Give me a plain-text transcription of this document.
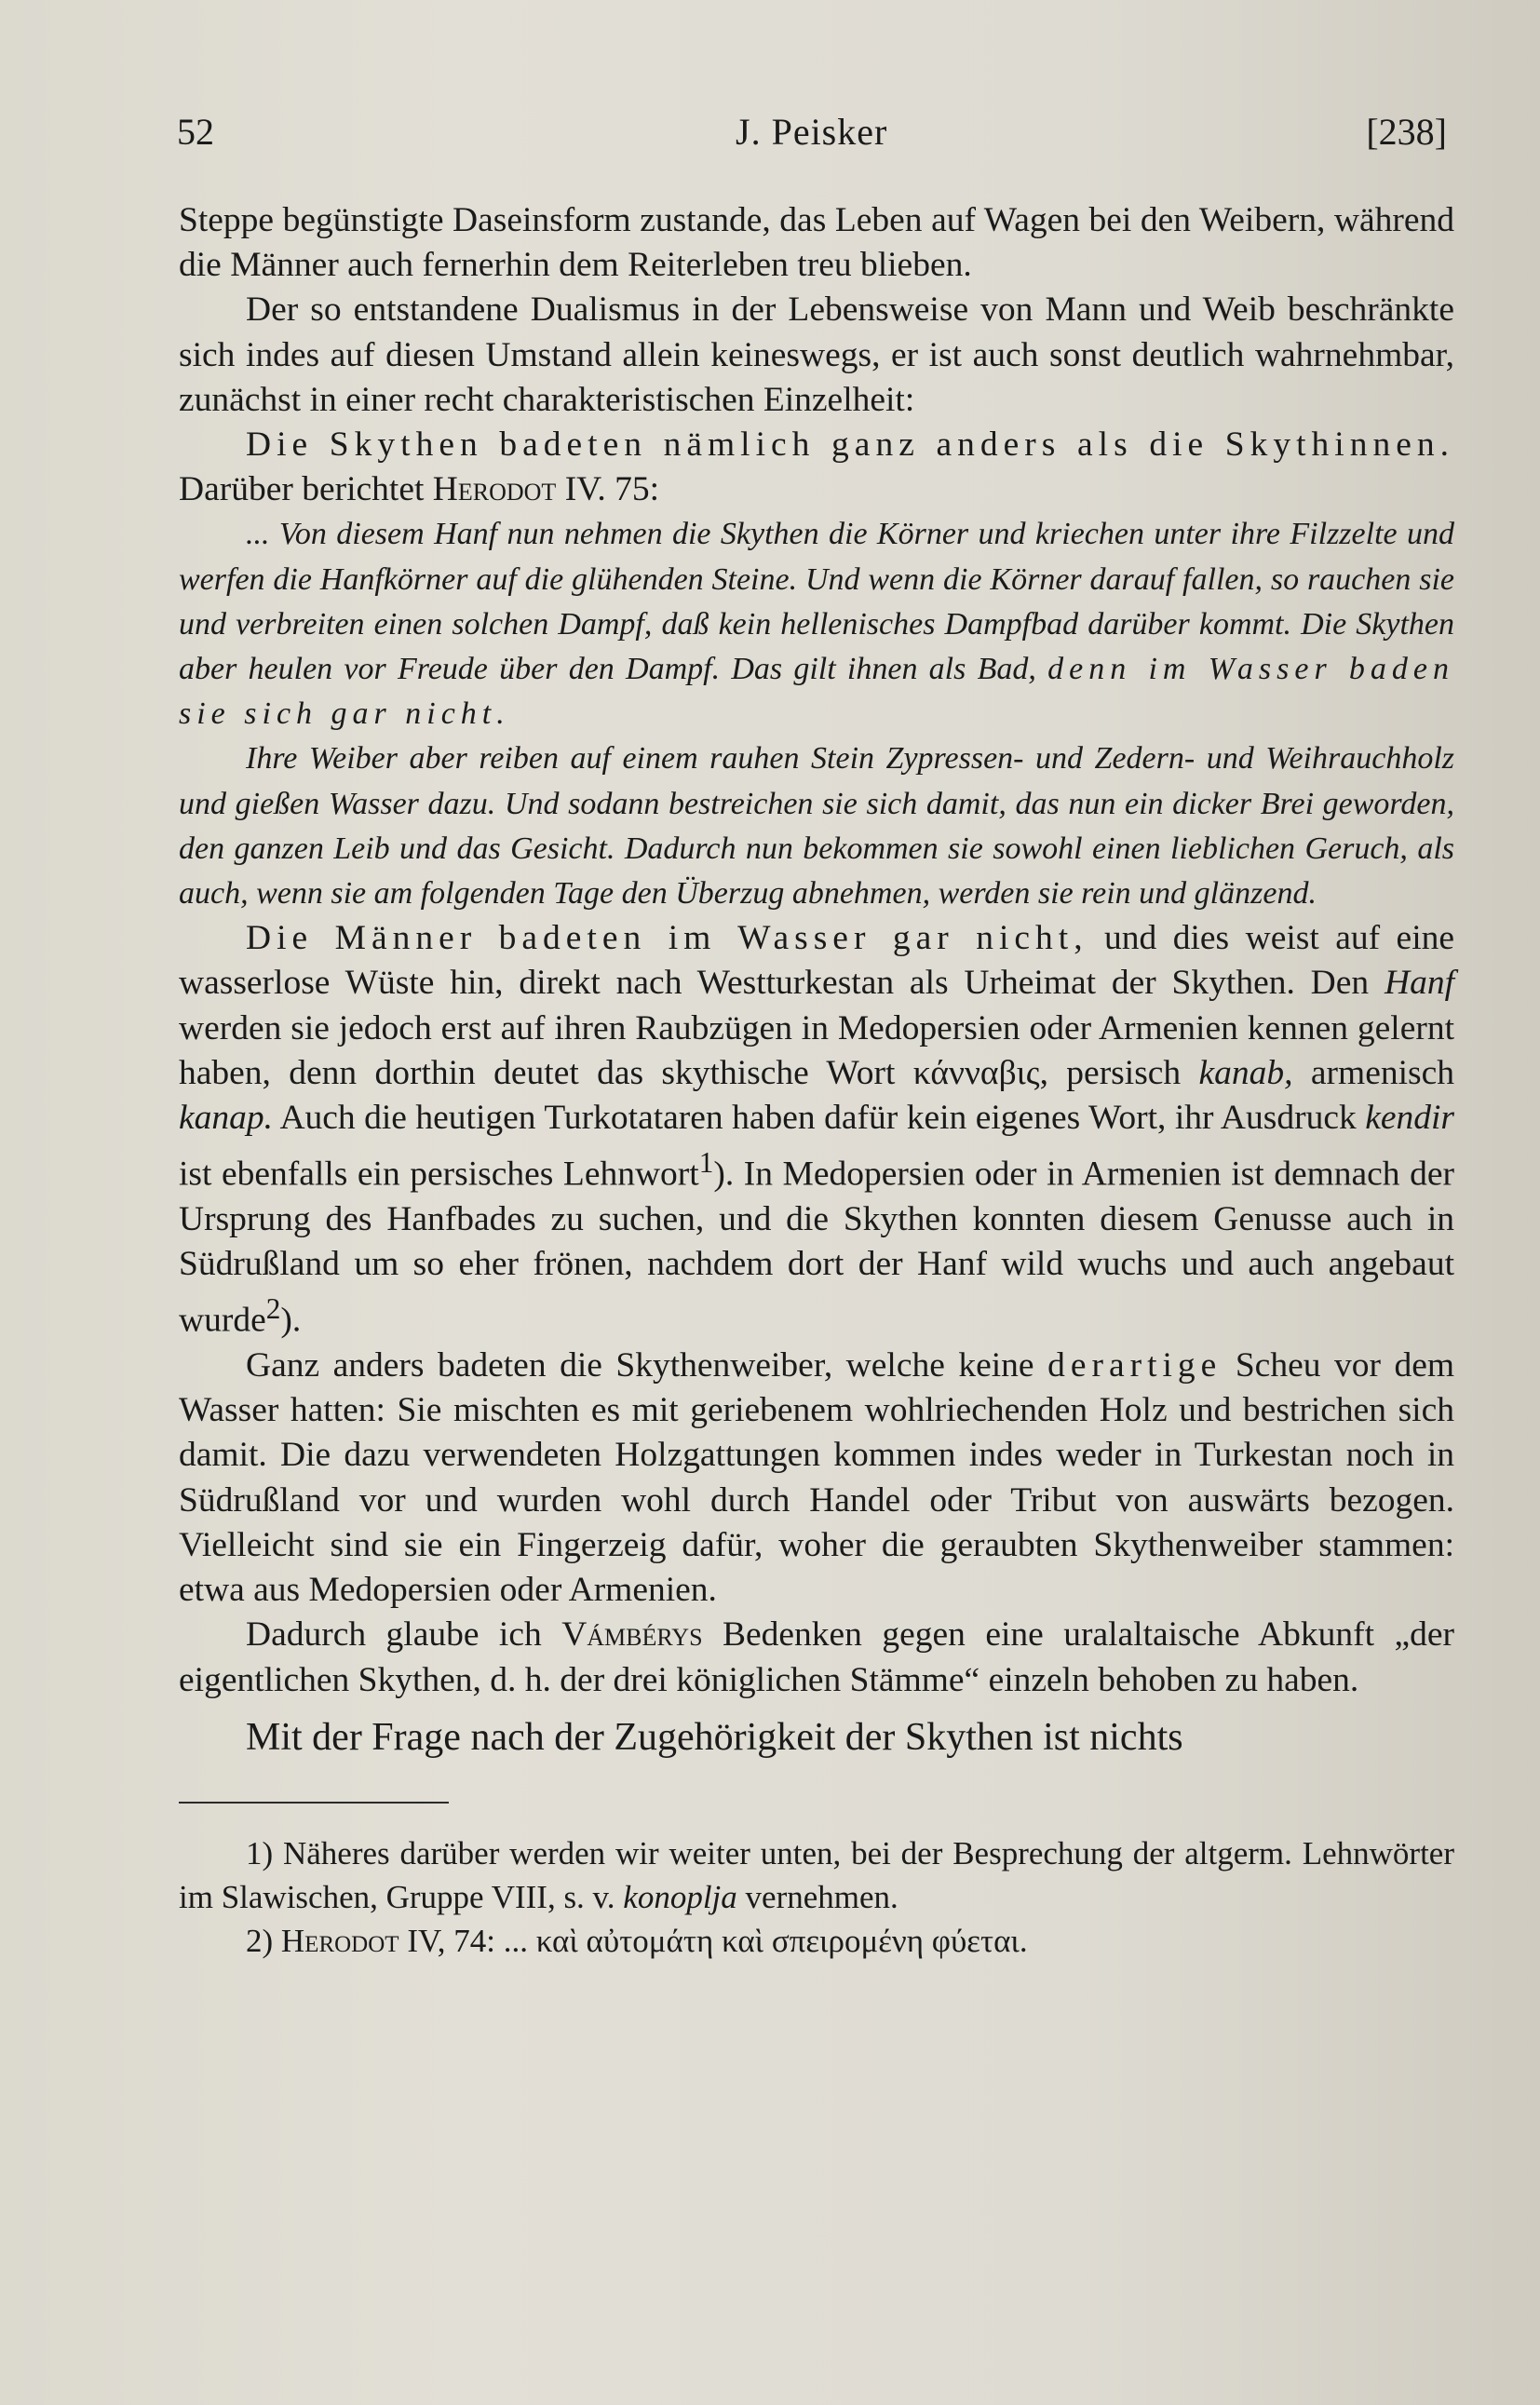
52	J. Peisker	[238]

Steppe begünstigte Daseinsform zustande, das Leben auf Wagen bei den Weibern, während die Männer auch fernerhin dem Reiterleben treu blieben.

Der so entstandene Dualismus in der Lebensweise von Mann und Weib beschränkte sich indes auf diesen Umstand allein keineswegs, er ist auch sonst deutlich wahrnehmbar, zunächst in einer recht charakteristischen Einzelheit:

Die Skythen badeten nämlich ganz anders als die Skythinnen. Darüber berichtet Herodot IV. 75:

... Von diesem Hanf nun nehmen die Skythen die Körner und kriechen unter ihre Filzzelte und werfen die Hanfkörner auf die glühenden Steine. Und wenn die Körner darauf fallen, so rauchen sie und verbreiten einen solchen Dampf, daß kein hellenisches Dampfbad darüber kommt. Die Skythen aber heulen vor Freude über den Dampf. Das gilt ihnen als Bad, denn im Wasser baden sie sich gar nicht.

Ihre Weiber aber reiben auf einem rauhen Stein Zypressen- und Zedern- und Weihrauchholz und gießen Wasser dazu. Und sodann bestreichen sie sich damit, das nun ein dicker Brei geworden, den ganzen Leib und das Gesicht. Dadurch nun bekommen sie sowohl einen lieblichen Geruch, als auch, wenn sie am folgenden Tage den Überzug abnehmen, werden sie rein und glänzend.

Die Männer badeten im Wasser gar nicht, und dies weist auf eine wasserlose Wüste hin, direkt nach Westturkestan als Urheimat der Skythen. Den Hanf werden sie jedoch erst auf ihren Raubzügen in Medopersien oder Armenien kennen gelernt haben, denn dorthin deutet das skythische Wort κάνναβις, persisch kanab, armenisch kanap. Auch die heutigen Turkotataren haben dafür kein eigenes Wort, ihr Ausdruck kendir ist ebenfalls ein persisches Lehnwort$^1$). In Medopersien oder in Armenien ist demnach der Ursprung des Hanfbades zu suchen, und die Skythen konnten diesem Genusse auch in Südrußland um so eher frönen, nachdem dort der Hanf wild wuchs und auch angebaut wurde$^2$).

Ganz anders badeten die Skythenweiber, welche keine derartige Scheu vor dem Wasser hatten: Sie mischten es mit geriebenem wohlriechenden Holz und bestrichen sich damit. Die dazu verwendeten Holzgattungen kommen indes weder in Turkestan noch in Südrußland vor und wurden wohl durch Handel oder Tribut von auswärts bezogen. Vielleicht sind sie ein Fingerzeig dafür, woher die geraubten Skythenweiber stammen: etwa aus Medopersien oder Armenien.

Dadurch glaube ich Vámbérys Bedenken gegen eine uralaltaische Abkunft „der eigentlichen Skythen, d. h. der drei königlichen Stämme“ einzeln behoben zu haben.

Mit der Frage nach der Zugehörigkeit der Skythen ist nichts

1) Näheres darüber werden wir weiter unten, bei der Besprechung der altgerm. Lehnwörter im Slawischen, Gruppe VIII, s. v. konoplja vernehmen.

2) Herodot IV, 74: ... καὶ αὐτομάτη καὶ σπειρομένη φύεται.
